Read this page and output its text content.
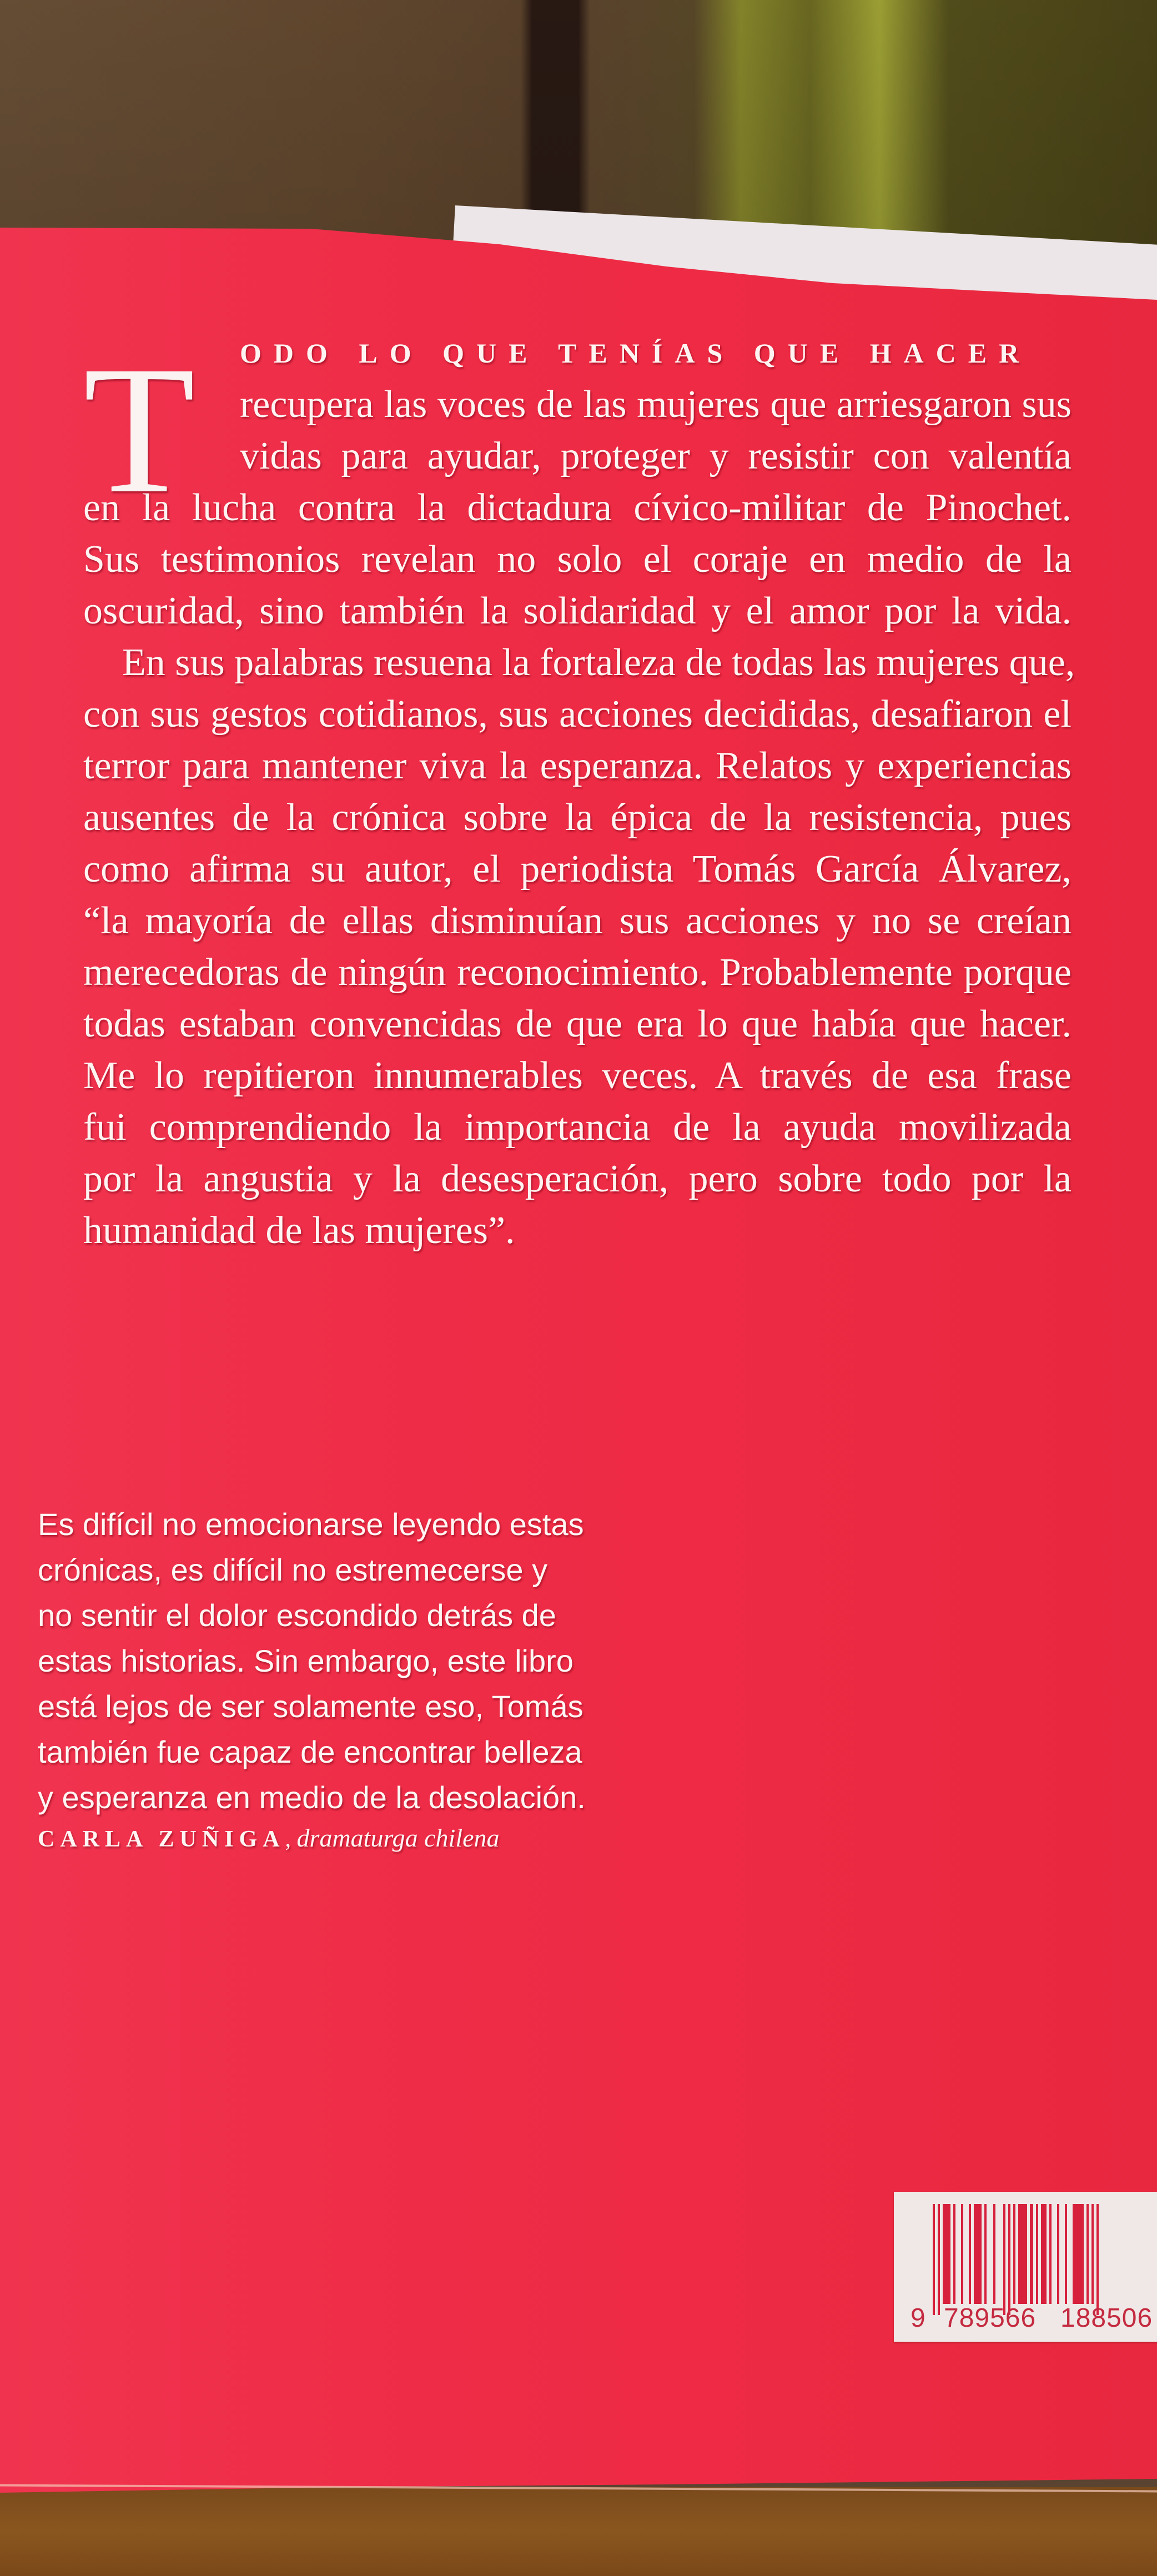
T ODO LO QUE TENÍAS QUE HACER
recupera las voces de las mujeres que arriesgaron sus
vidas para ayudar, proteger y resistir con valentía
en la lucha contra la dictadura cívico-militar de Pinochet.
Sus testimonios revelan no solo el coraje en medio de la
oscuridad, sino también la solidaridad y el amor por la vida.
En sus palabras resuena la fortaleza de todas las mujeres que,
con sus gestos cotidianos, sus acciones decididas, desafiaron el
terror para mantener viva la esperanza. Relatos y experiencias
ausentes de la crónica sobre la épica de la resistencia, pues
como afirma su autor, el periodista Tomás García Álvarez,
“la mayoría de ellas disminuían sus acciones y no se creían
merecedoras de ningún reconocimiento. Probablemente porque
todas estaban convencidas de que era lo que había que hacer.
Me lo repitieron innumerables veces. A través de esa frase
fui comprendiendo la importancia de la ayuda movilizada
por la angustia y la desesperación, pero sobre todo por la
humanidad de las mujeres”.
Es difícil no emocionarse leyendo estas
crónicas, es difícil no estremecerse y
no sentir el dolor escondido detrás de
estas historias. Sin embargo, este libro
está lejos de ser solamente eso, Tomás
también fue capaz de encontrar belleza
y esperanza en medio de la desolación.
CARLA ZUÑIGA, dramaturga chilena
9 789566 188506
